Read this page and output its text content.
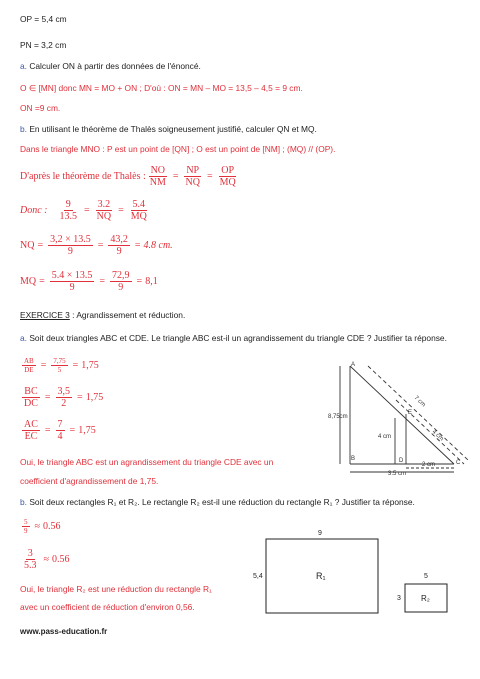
OP = 5,4 cm
PN = 3,2 cm
a. Calculer ON à partir des données de l'énoncé.
O ∈ [MN] donc MN = MO + ON ; D'où : ON = MN – MO = 13,5 – 4,5 = 9 cm.
ON =9 cm.
b. En utilisant le théorème de Thalès soigneusement justifié, calculer QN et MQ.
Dans le triangle MNO : P est un point de [QN] ; O est un point de [NM] ; (MQ) // (OP).
D'après le théorème de Thalès : $\frac{NO}{NM} = \frac{NP}{NQ} = \frac{OP}{MQ}$
Donc : $\frac{9}{13.5} = \frac{3.2}{NQ} = \frac{5.4}{MQ}$
NQ = $\frac{3,2 \times 13.5}{9} = \frac{43,2}{9} = 4.8$ cm.
MQ = $\frac{5.4 \times 13.5}{9} = \frac{72,9}{9} = 8,1$
EXERCICE 3 : Agrandissement et réduction.
a. Soit deux triangles ABC et CDE. Le triangle ABC est-il un agrandissement du triangle CDE ? Justifier ta réponse.
$\frac{AB}{DE} = \frac{7,75}{5} = 1,75$
$\frac{BC}{DC} = \frac{3,5}{2} = 1,75$
$\frac{AC}{EC} = \frac{7}{4} = 1,75$
Oui, le triangle ABC est un agrandissement du triangle CDE avec un
coefficient d'agrandissement de 1,75.
A
B
C
D
E
8,75cm
4 cm
7 cm
4 cm
2 cm
3,5 cm
b. Soit deux rectangles R₁ et R₂. Le rectangle R₂ est-il une réduction du rectangle R₁ ? Justifier ta réponse.
$\frac{5}{9} \approx 0.56$
$\frac{3}{5.3} \approx 0.56$
Oui, le triangle R₂ est une réduction du rectangle R₁
avec un coefficient de réduction d'environ 0,56.
9
5,4	R₁	5
3	R₂
www.pass-education.fr
